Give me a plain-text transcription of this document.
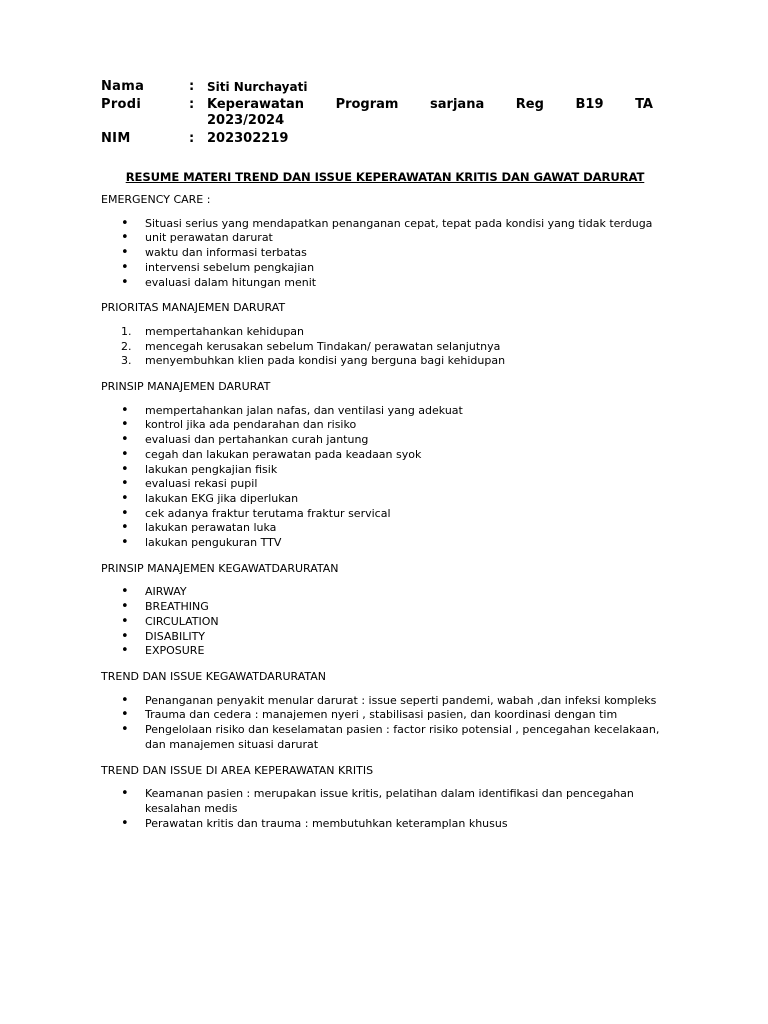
Nama	:	Siti Nurchayati
Prodi	: Keperawatan Program sarjana Reg B19 TA
2023/2024
NIM	: 202302219
RESUME MATERI TREND DAN ISSUE KEPERAWATAN KRITIS DAN GAWAT DARURAT

EMERGENCY CARE :

•
Situasi serius yang mendapatkan penanganan cepat, tepat pada kondisi yang tidak terduga
•
unit perawatan darurat
•
waktu dan informasi terbatas
•
intervensi sebelum pengkajian
•
evaluasi dalam hitungan menit

PRIORITAS MANAJEMEN DARURAT

1.	mempertahankan kehidupan
2.	mencegah kerusakan sebelum Tindakan/ perawatan selanjutnya
3.	menyembuhkan klien pada kondisi yang berguna bagi kehidupan

PRINSIP MANAJEMEN DARURAT

•
mempertahankan jalan nafas, dan ventilasi yang adekuat
•
kontrol jika ada pendarahan dan risiko
•
evaluasi dan pertahankan curah jantung
•
cegah dan lakukan perawatan pada keadaan syok
•
lakukan pengkajian fisik
•
evaluasi rekasi pupil
•
lakukan EKG jika diperlukan
•
cek adanya fraktur terutama fraktur servical
•
lakukan perawatan luka
•
lakukan pengukuran TTV

PRINSIP MANAJEMEN KEGAWATDARURATAN

•
AIRWAY
•
BREATHING
•
CIRCULATION
•
DISABILITY
•
EXPOSURE

TREND DAN ISSUE KEGAWATDARURATAN

•
Penanganan penyakit menular darurat : issue seperti pandemi, wabah ,dan infeksi kompleks
•
Trauma dan cedera : manajemen nyeri , stabilisasi pasien, dan koordinasi dengan tim
•
Pengelolaan risiko dan keselamatan pasien : factor risiko potensial , pencegahan kecelakaan, dan manajemen situasi darurat

TREND DAN ISSUE DI AREA KEPERAWATAN KRITIS

•
Keamanan pasien : merupakan issue kritis, pelatihan dalam identifikasi dan pencegahan kesalahan medis
•
Perawatan kritis dan trauma : membutuhkan keteramplan khusus
